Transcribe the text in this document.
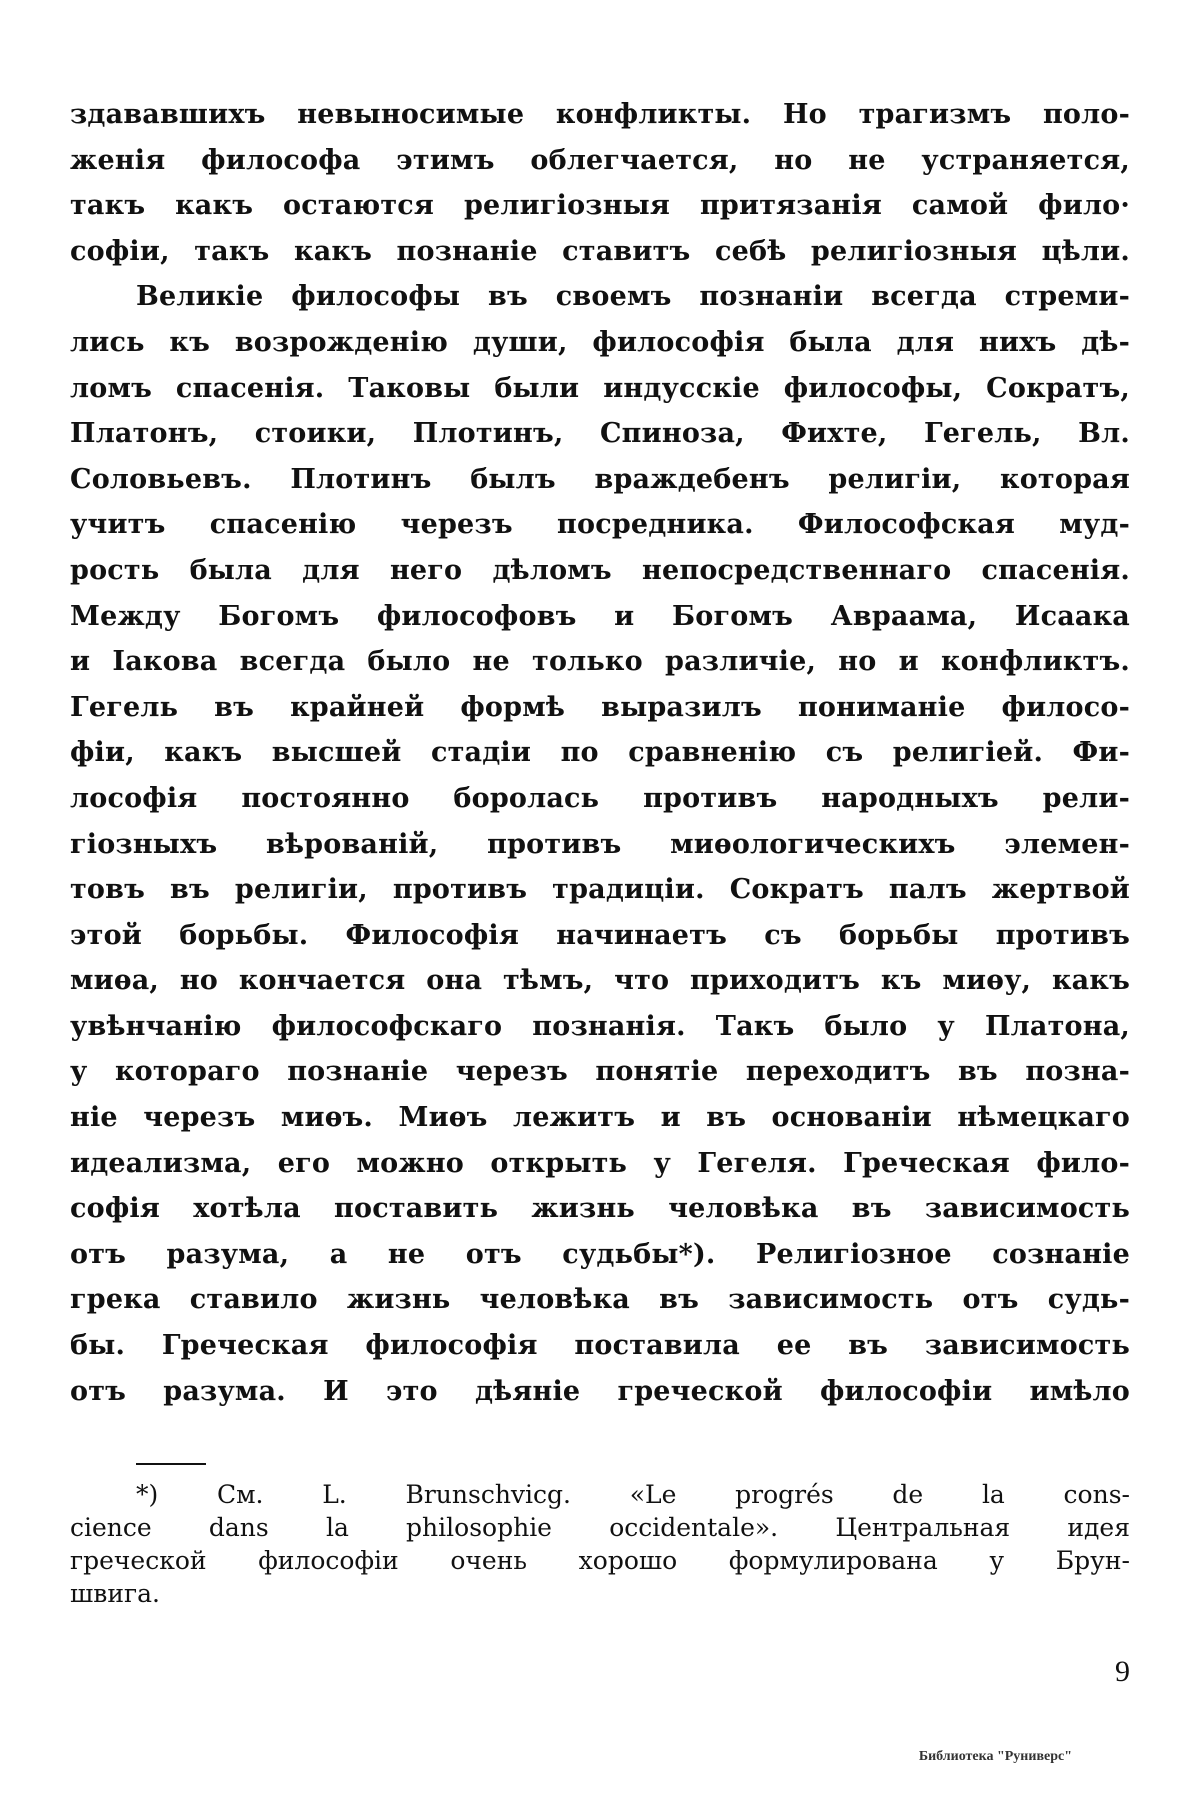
здававшихъ невыносимые конфликты. Но трагизмъ поло-
женія философа этимъ облегчается, но не устраняется,
такъ какъ остаются религіозныя притязанія самой фило·
софіи, такъ какъ познаніе ставитъ себѣ религіозныя цѣли.
Великіе философы въ своемъ познаніи всегда стреми-
лись къ возрожденію души, философія была для нихъ дѣ-
ломъ спасенія. Таковы были индусскіе философы, Сократъ,
Платонъ, стоики, Плотинъ, Спиноза, Фихте, Гегель, Вл.
Соловьевъ. Плотинъ былъ враждебенъ религіи, которая
учитъ спасенію черезъ посредника. Философская муд-
рость была для него дѣломъ непосредственнаго спасенія.
Между Богомъ философовъ и Богомъ Авраама, Исаака
и Іакова всегда было не только различіе, но и конфликтъ.
Гегель въ крайней формѣ выразилъ пониманіе филосо-
фіи, какъ высшей стадіи по сравненію съ религіей. Фи-
лософія постоянно боролась противъ народныхъ рели-
гіозныхъ вѣрованій, противъ миѳологическихъ элемен-
товъ въ религіи, противъ традиціи. Сократъ палъ жертвой
этой борьбы. Философія начинаетъ съ борьбы противъ
миѳа, но кончается она тѣмъ, что приходитъ къ миѳу, какъ
увѣнчанію философскаго познанія. Такъ было у Платона,
у котораго познаніе черезъ понятіе переходитъ въ позна-
ніе черезъ миѳъ. Миѳъ лежитъ и въ основаніи нѣмецкаго
идеализма, его можно открыть у Гегеля. Греческая фило-
софія хотѣла поставить жизнь человѣка въ зависимость
отъ разума, а не отъ судьбы*). Религіозное сознаніе
грека ставило жизнь человѣка въ зависимость отъ судь-
бы. Греческая философія поставила ее въ зависимость
отъ разума. И это дѣяніе греческой философіи имѣло
*) См. L. Brunschvicg. «Le progrés de la cons-
cience dans la philosophie occidentale». Центральная идея
греческой философіи очень хорошо формулирована у Брун-
швига.
9
Библиотека "Руниверс"
